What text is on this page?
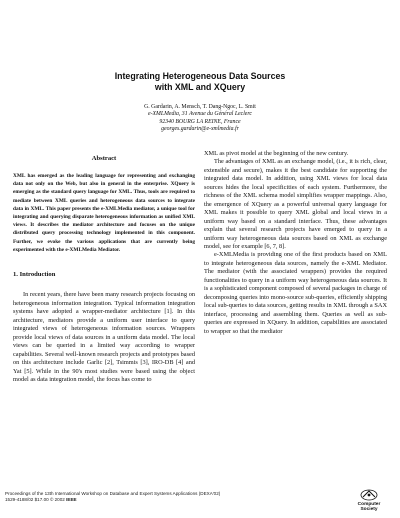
Integrating Heterogeneous Data Sources
with XML and XQuery
G. Gardarin, A. Mensch, T. Dang-Ngoc, L. Smit
e-XMLMedia, 31 Avenue du Général Leclerc
92340 BOURG LA REINE, France
georges.gardarin@e-xmlmedia.fr
Abstract

XML has emerged as the leading language for representing and exchanging data not only on the Web, but also in general in the enterprise. XQuery is emerging as the standard query language for XML. Thus, tools are required to mediate between XML queries and heterogeneous data sources to integrate data in XML. This paper presents the e-XMLMedia mediator, a unique tool for integrating and querying disparate heterogeneous information as unified XML views. It describes the mediator architecture and focuses on the unique distributed query processing technology implemented in this component. Further, we evoke the various applications that are currently being experimented with the e-XMLMedia Mediator.

1. Introduction

In recent years, there have been many research projects focusing on heterogeneous information integration. Typical information integration systems have adopted a wrapper-mediator architecture [1]. In this architecture, mediators provide a uniform user interface to query integrated views of heterogeneous information sources. Wrappers provide local views of data sources in a uniform data model. The local views can be queried in a limited way according to wrapper capabilities. Several well-known research projects and prototypes based on this architecture include Garlic [2], Tsimmis [3], IRO-DB [4] and Yat [5]. While in the 90's most studies were based using the object model as data integration model, the focus has come to

XML as pivot model at the beginning of the new century.

The advantages of XML as an exchange model, (i.e., it is rich, clear, extensible and secure), makes it the best candidate for supporting the integrated data model. In addition, using XML views for local data sources hides the local specificities of each system. Furthermore, the richness of the XML schema model simplifies wrapper mappings. Also, the emergence of XQuery as a powerful universal query language for XML makes it possible to query XML global and local views in a uniform way based on a standard interface. Thus, these advantages explain that several research projects have emerged to query in a uniform way heterogeneous data sources based on XML as exchange model, see for example [6, 7, 8].

e-XMLMedia is providing one of the first products based on XML to integrate heterogeneous data sources, namely the e-XML Mediator. The mediator (with the associated wrappers) provides the required functionalities to query in a uniform way heterogeneous data sources. It is a sophisticated component composed of several packages in charge of decomposing queries into mono-source sub-queries, efficiently shipping local sub-queries to data sources, getting results in XML through a SAX interface, processing and assembling them. Queries as well as sub-queries are expressed in XQuery. In addition, capabilities are associated to wrapper so that the mediator

Proceedings of the 13th International Workshop on Database and Expert Systems Applications (DEXA'02)
1529-4188/02 $17.00 © 2002 IEEE
Computer
Society
